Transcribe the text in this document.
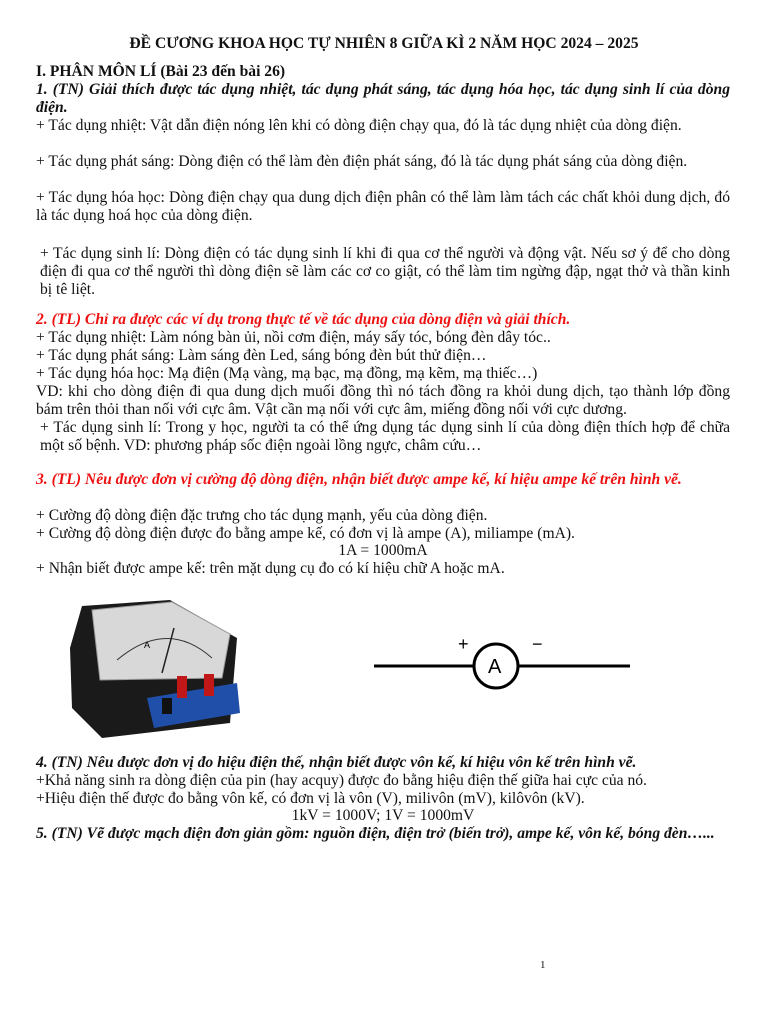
ĐỀ CƯƠNG KHOA HỌC TỰ NHIÊN 8 GIỮA KÌ 2 NĂM HỌC 2024 – 2025
I. PHÂN MÔN LÍ (Bài 23 đến bài 26)
1. (TN) Giải thích được tác dụng nhiệt, tác dụng phát sáng, tác dụng hóa học, tác dụng sinh lí của dòng điện.
+ Tác dụng nhiệt: Vật dẫn điện nóng lên khi có dòng điện chạy qua, đó là tác dụng nhiệt của dòng điện.
+ Tác dụng phát sáng: Dòng điện có thể làm đèn điện phát sáng, đó là tác dụng phát sáng của dòng điện.
+ Tác dụng hóa học: Dòng điện chạy qua dung dịch điện phân có thể làm làm tách các chất khỏi dung dịch, đó là tác dụng hoá học của dòng điện.
+ Tác dụng sinh lí: Dòng điện có tác dụng sinh lí khi đi qua cơ thể người và động vật. Nếu sơ ý để cho dòng điện đi qua cơ thể người thì dòng điện sẽ làm các cơ co giật, có thể làm tim ngừng đập, ngạt thở và thần kinh bị tê liệt.
2. (TL) Chỉ ra được các ví dụ trong thực tế về tác dụng của dòng điện và giải thích.
+ Tác dụng nhiệt: Làm nóng bàn ủi, nồi cơm điện, máy sấy tóc, bóng đèn dây tóc..
+ Tác dụng phát sáng: Làm sáng đèn Led, sáng bóng đèn bút thử điện…
+ Tác dụng hóa học: Mạ điện (Mạ vàng, mạ bạc, mạ đồng, mạ kẽm, mạ thiếc…)
VD: khi cho dòng điện đi qua dung dịch muối đồng thì nó tách đồng ra khỏi dung dịch, tạo thành lớp đồng bám trên thỏi than nối với cực âm. Vật cần mạ nối với cực âm, miếng đồng nối với cực dương.
+ Tác dụng sinh lí: Trong y học, người ta có thể ứng dụng tác dụng sinh lí của dòng điện thích hợp để chữa một số bệnh. VD: phương pháp sốc điện ngoài lồng ngực, châm cứu…
3. (TL) Nêu được đơn vị cường độ dòng điện, nhận biết được ampe kế, kí hiệu ampe kế trên hình vẽ.
+ Cường độ dòng điện đặc trưng cho tác dụng mạnh, yếu của dòng điện.
+ Cường độ dòng điện được đo bằng ampe kế, có đơn vị là ampe (A), miliampe (mA).
1A = 1000mA
+ Nhận biết được ampe kế: trên mặt dụng cụ đo có kí hiệu chữ A hoặc mA.
A
A
+	−
4. (TN) Nêu được đơn vị đo hiệu điện thế, nhận biết được vôn kế, kí hiệu vôn kế trên hình vẽ.
+Khả năng sinh ra dòng điện của pin (hay acquy) được đo bằng hiệu điện thế giữa hai cực của nó.
+Hiệu điện thế được đo bằng vôn kế, có đơn vị là vôn (V), milivôn (mV), kilôvôn (kV).
1kV = 1000V; 1V = 1000mV
5. (TN) Vẽ được mạch điện đơn giản gồm: nguồn điện, điện trở (biến trở), ampe kế, vôn kế, bóng đèn…...
1
